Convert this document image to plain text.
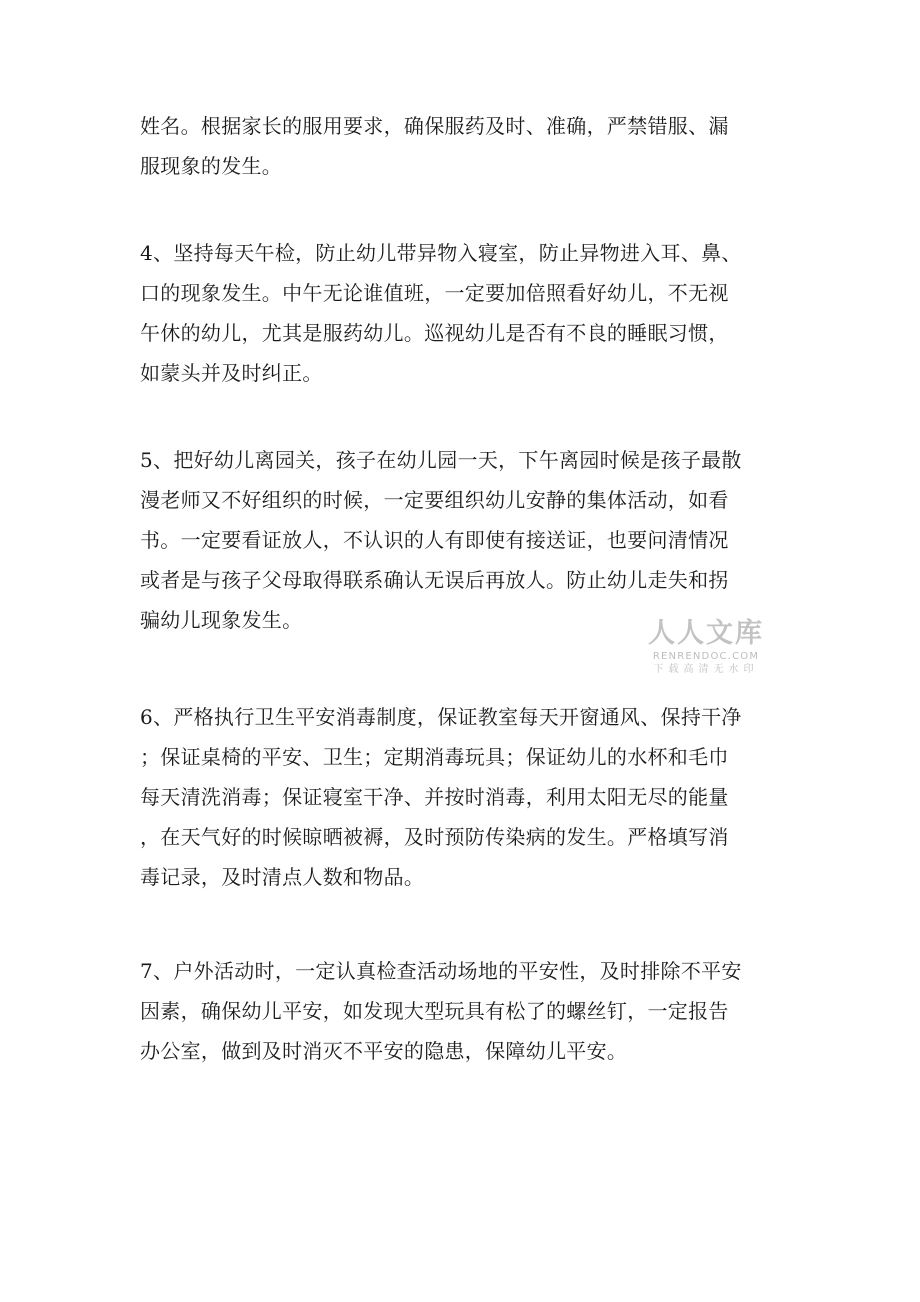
姓名。根据家长的服用要求，确保服药及时、准确，严禁错服、漏
服现象的发生。
4、坚持每天午检，防止幼儿带异物入寝室，防止异物进入耳、鼻、
口的现象发生。中午无论谁值班，一定要加倍照看好幼儿，不无视
午休的幼儿，尤其是服药幼儿。巡视幼儿是否有不良的睡眠习惯，
如蒙头并及时纠正。
5、把好幼儿离园关，孩子在幼儿园一天，下午离园时候是孩子最散
漫老师又不好组织的时候，一定要组织幼儿安静的集体活动，如看
书。一定要看证放人，不认识的人有即使有接送证，也要问清情况
或者是与孩子父母取得联系确认无误后再放人。防止幼儿走失和拐
骗幼儿现象发生。
6、严格执行卫生平安消毒制度，保证教室每天开窗通风、保持干净
；保证桌椅的平安、卫生；定期消毒玩具；保证幼儿的水杯和毛巾
每天清洗消毒；保证寝室干净、并按时消毒，利用太阳无尽的能量
，在天气好的时候晾晒被褥，及时预防传染病的发生。严格填写消
毒记录，及时清点人数和物品。
7、户外活动时，一定认真检查活动场地的平安性，及时排除不平安
因素，确保幼儿平安，如发现大型玩具有松了的螺丝钉，一定报告
办公室，做到及时消灭不平安的隐患，保障幼儿平安。
人人文库
RENRENDOC.COM
下载高清无水印
